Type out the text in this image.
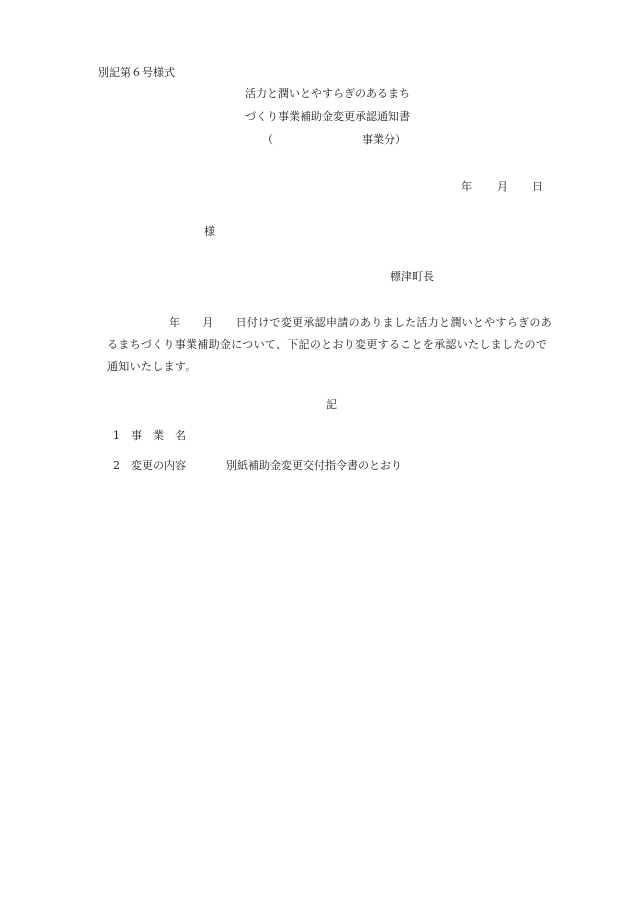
別記第６号様式
活力と潤いとやすらぎのあるまち
づくり事業補助金変更承認通知書
（	事業分）
年 月 日
様
標津町長
年 月 日付けで変更承認申請のありました活力と潤いとやすらぎのあ
るまちづくり事業補助金について、下記のとおり変更することを承認いたしましたので
通知いたします。
記
1 事　業　名
2 変更の内容	別紙補助金変更交付指令書のとおり
